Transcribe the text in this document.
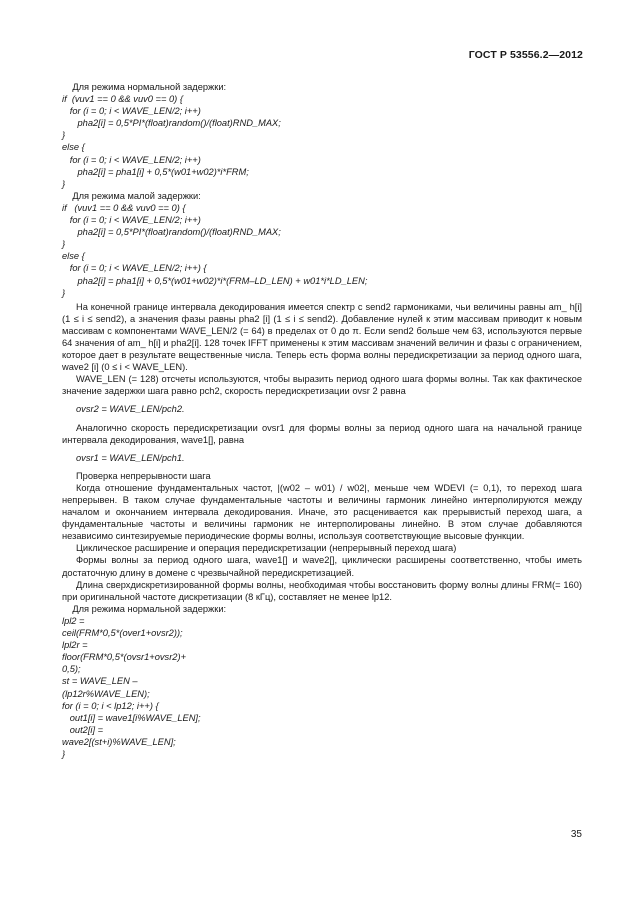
ГОСТ Р 53556.2—2012
Для режима нормальной задержки:
if  (vuv1 == 0 && vuv0 == 0) {
for (i = 0; i < WAVE_LEN/2; i++)
pha2[i] = 0,5*PI*(float)random()/(float)RND_MAX;
}
else {
for (i = 0; i < WAVE_LEN/2; i++)
pha2[i] = pha1[i] + 0,5*(w01+w02)*i*FRM;
}
Для режима малой задержки:
if   (vuv1 == 0 && vuv0 == 0) {
for (i = 0; i < WAVE_LEN/2; i++)
pha2[i] = 0,5*PI*(float)random()/(float)RND_MAX;
}
else {
for (i = 0; i < WAVE_LEN/2; i++) {
pha2[i] = pha1[i] + 0,5*(w01+w02)*i*(FRM–LD_LEN) + w01*i*LD_LEN;
}
На конечной границе интервала декодирования имеется спектр с send2 гармониками, чьи величины равны am_ h[i] (1 ≤ i ≤ send2), а значения фазы равны pha2 [i] (1 ≤ i ≤ send2). Добавление нулей к этим массивам приводит к новым массивам с компонентами WAVE_LEN/2 (= 64) в пределах от 0 до π. Если send2 больше чем 63, используются первые 64 значения of am_ h[i] и pha2[i]. 128 точек IFFT применены к этим массивам значений величин и фазы с ограничением, которое дает в результате вещественные числа. Теперь есть форма волны передискретизации за период одного шага, wave2 [i] (0 ≤ i < WAVE_LEN).
WAVE_LEN (= 128) отсчеты используются, чтобы выразить период одного шага формы волны. Так как фактическое значение задержки шага равно pch2, скорость передискретизации ovsr 2 равна
ovsr2 = WAVE_LEN/pch2.
Аналогично скорость передискретизации ovsr1 для формы волны за период одного шага на начальной границе интервала декодирования, wave1[], равна
ovsr1 = WAVE_LEN/pch1.
Проверка непрерывности шага
Когда отношение фундаментальных частот, |(w02 – w01) / w02|, меньше чем WDEVI (= 0,1), то переход шага непрерывен. В таком случае фундаментальные частоты и величины гармоник линейно интерполируются между началом и окончанием интервала декодирования. Иначе, это расценивается как прерывистый переход шага, а фундаментальные частоты и величины гармоник не интерполированы линейно. В этом случае добавляются независимо синтезируемые периодические формы волны, используя соответствующие высовые функции.
Циклическое расширение и операция передискретизации (непрерывный переход шага)
Формы волны за период одного шага, wave1[] и wave2[], циклически расширены соответственно, чтобы иметь достаточную длину в домене с чрезвычайной передискретизацией.
Длина сверхдискретизированной формы волны, необходимая чтобы восстановить форму волны длины FRM(= 160) при оригинальной частоте дискретизации (8 кГц), составляет не менее lp12.
Для режима нормальной задержки:
lpl2 =
ceil(FRM*0,5*(over1+ovsr2));
lpl2r =
floor(FRM*0,5*(ovsr1+ovsr2)+
0,5);
st = WAVE_LEN –
(lp12r%WAVE_LEN);
for (i = 0; i < lp12; i++) {
out1[i] = wave1[i%WAVE_LEN];
out2[i] =
wave2[(st+i)%WAVE_LEN];
}
35
